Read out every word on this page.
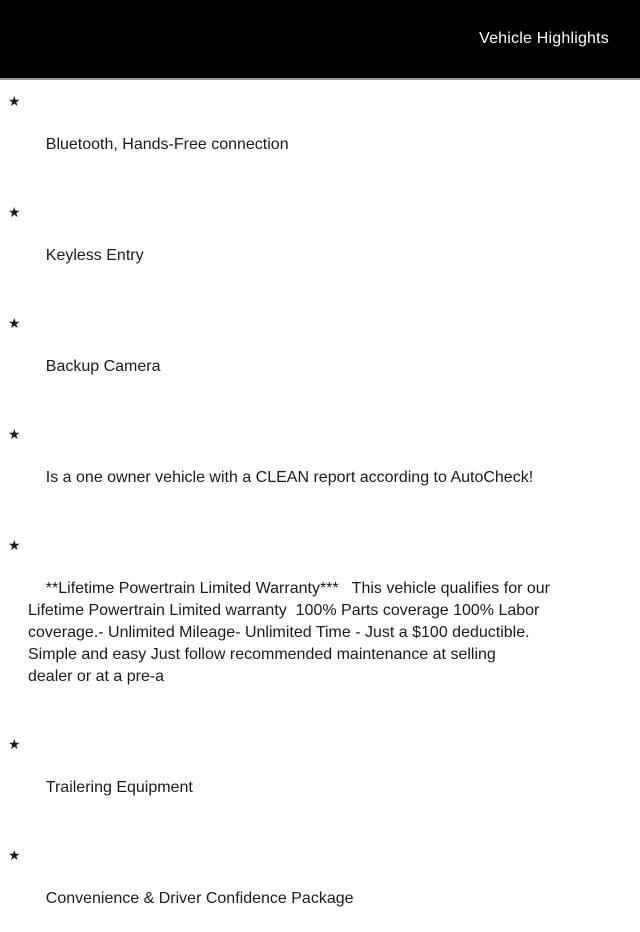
Vehicle Highlights

★

Bluetooth, Hands-Free connection

★

Keyless Entry

★

Backup Camera

★

Is a one owner vehicle with a CLEAN report according to AutoCheck!

★

**Lifetime Powertrain Limited Warranty***   This vehicle qualifies for our
Lifetime Powertrain Limited warranty  100% Parts coverage 100% Labor
coverage.- Unlimited Mileage- Unlimited Time - Just a $100 deductible.
Simple and easy Just follow recommended maintenance at selling
dealer or at a pre-a

★

Trailering Equipment

★

Convenience & Driver Confidence Package
